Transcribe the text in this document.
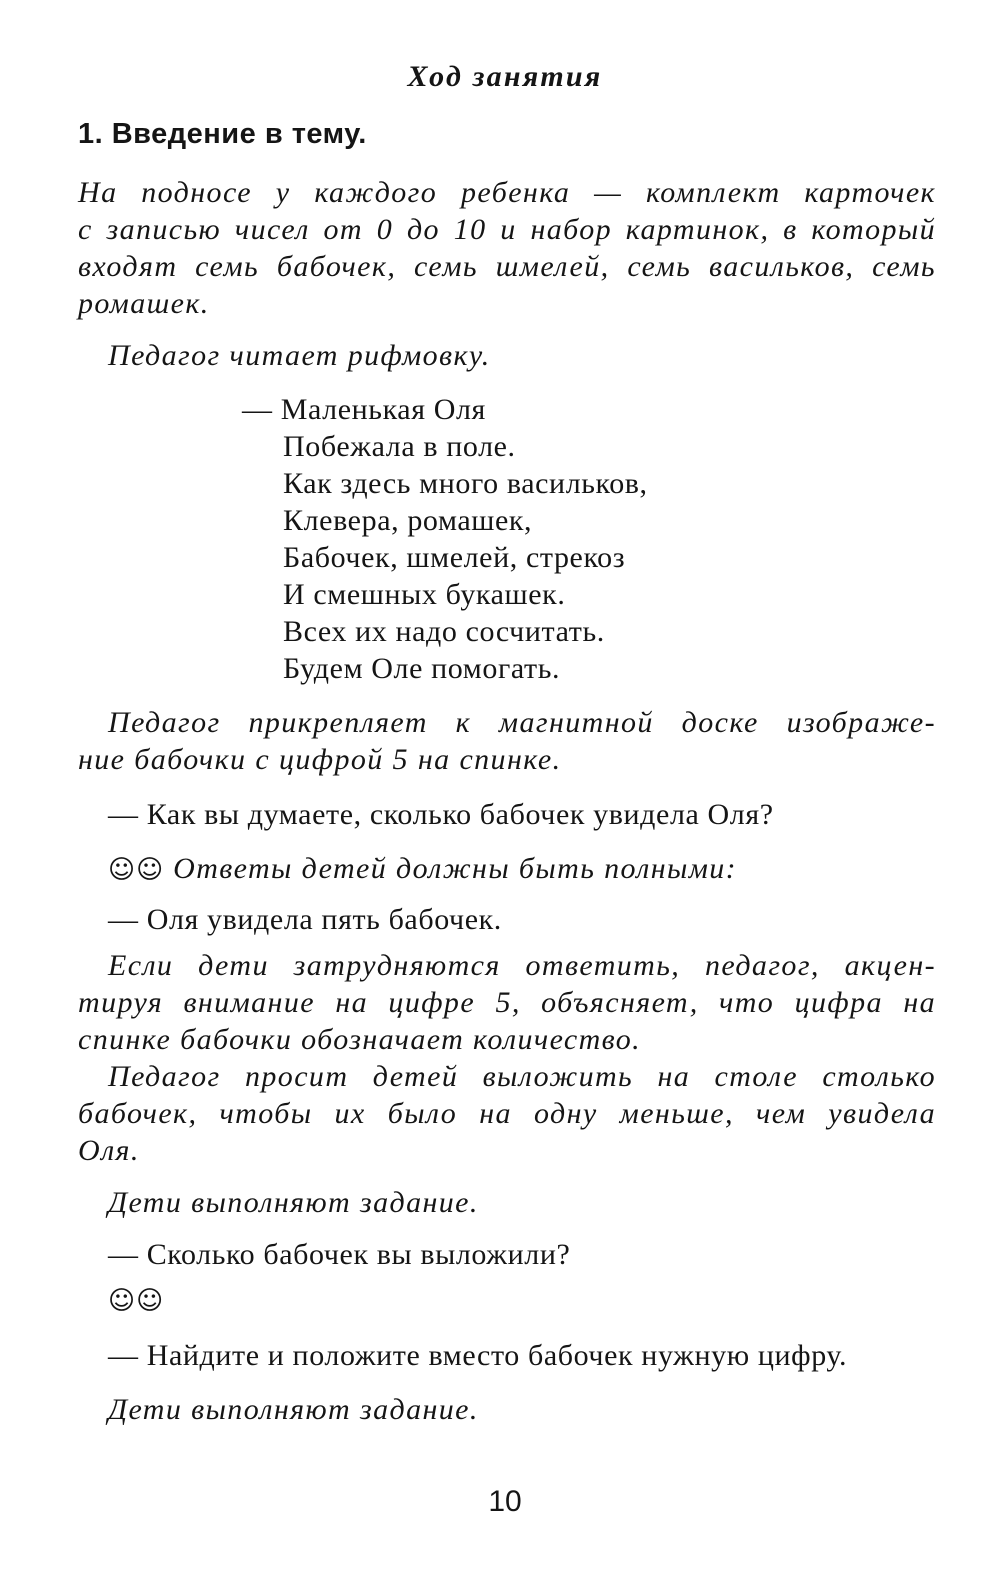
Ход занятия
1. Введение в тему.
На подносе у каждого ребенка — комплект карточек
с записью чисел от 0 до 10 и набор картинок, в который
входят семь бабочек, семь шмелей, семь васильков, семь
ромашек.
Педагог читает рифмовку.
— Маленькая Оля
Побежала в поле.
Как здесь много васильков,
Клевера, ромашек,
Бабочек, шмелей, стрекоз
И смешных букашек.
Всех их надо сосчитать.
Будем Оле помогать.
Педагог прикрепляет к магнитной доске изображе-
ние бабочки с цифрой 5 на спинке.
— Как вы думаете, сколько бабочек увидела Оля?
☺☺ Ответы детей должны быть полными:
— Оля увидела пять бабочек.
Если дети затрудняются ответить, педагог, акцен-
тируя внимание на цифре 5, объясняет, что цифра на
спинке бабочки обозначает количество.
Педагог просит детей выложить на столе столько
бабочек, чтобы их было на одну меньше, чем увидела
Оля.
Дети выполняют задание.
— Сколько бабочек вы выложили?
☺☺
— Найдите и положите вместо бабочек нужную цифру.
Дети выполняют задание.
10
